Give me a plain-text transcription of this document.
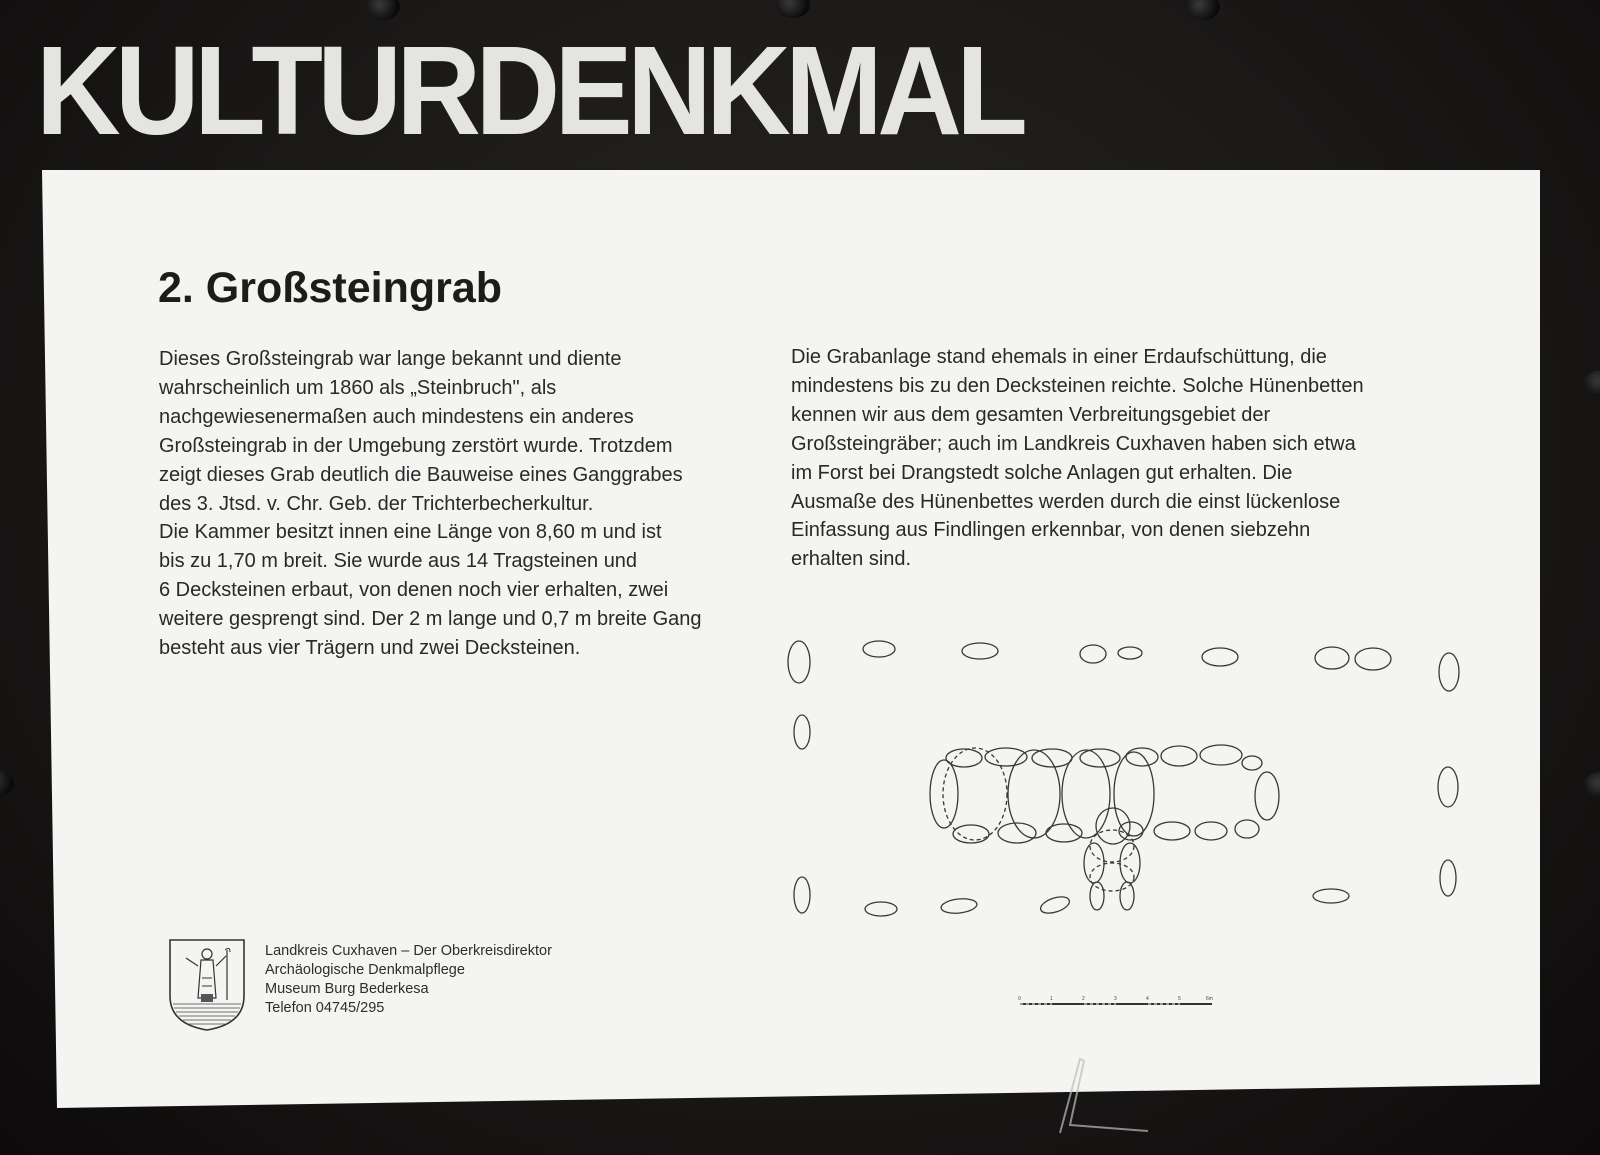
KULTURDENKMAL
2. Großsteingrab

Dieses Großsteingrab war lange bekannt und diente

wahrscheinlich um 1860 als „Steinbruch", als

nachgewiesenermaßen auch mindestens ein anderes

Großsteingrab in der Umgebung zerstört wurde. Trotzdem

zeigt dieses Grab deutlich die Bauweise eines Ganggrabes

des 3. Jtsd. v. Chr. Geb. der Trichterbecherkultur.

Die Kammer besitzt innen eine Länge von 8,60 m und ist

bis zu 1,70 m breit. Sie wurde aus 14 Tragsteinen und

6 Decksteinen erbaut, von denen noch vier erhalten, zwei

weitere gesprengt sind. Der 2 m lange und 0,7 m breite Gang

besteht aus vier Trägern und zwei Decksteinen.

Die Grabanlage stand ehemals in einer Erdaufschüttung, die

mindestens bis zu den Decksteinen reichte. Solche Hünenbetten

kennen wir aus dem gesamten Verbreitungsgebiet der

Großsteingräber; auch im Landkreis Cuxhaven haben sich etwa

im Forst bei Drangstedt solche Anlagen gut erhalten. Die

Ausmaße des Hünenbettes werden durch die einst lückenlose

Einfassung aus Findlingen erkennbar, von denen siebzehn

erhalten sind.

Landkreis Cuxhaven – Der Oberkreisdirektor
Archäologische Denkmalpflege
Museum Burg Bederkesa
Telefon 04745/295
0	1	2	3	4	5	6m
